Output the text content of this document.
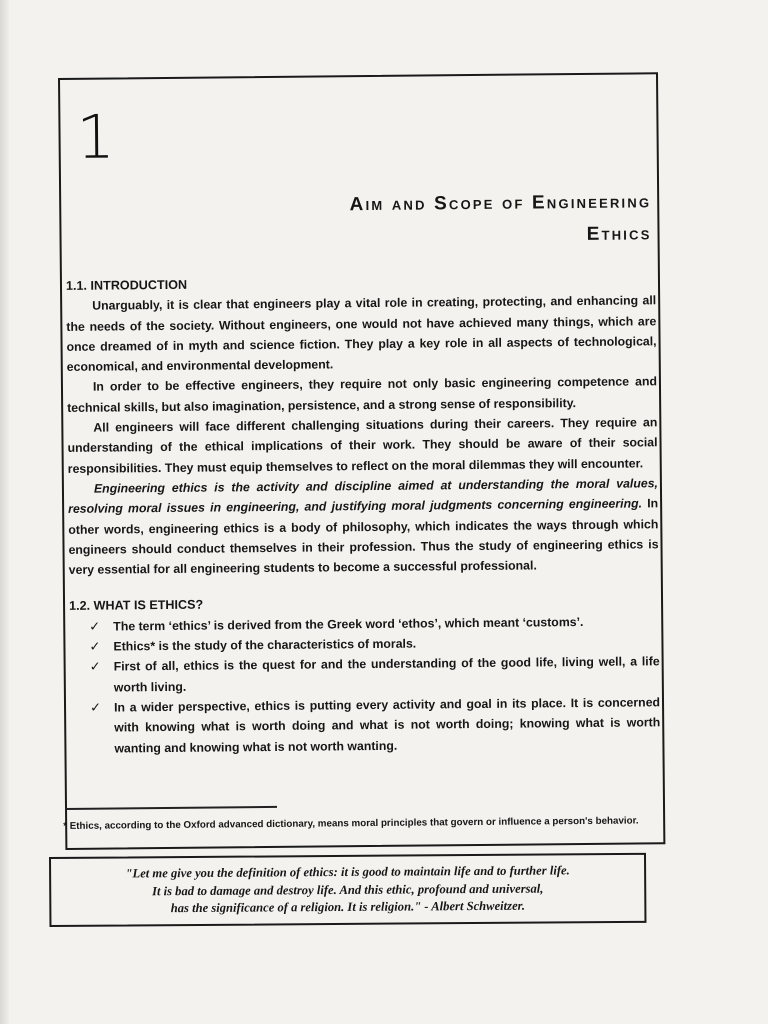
1
Aim and Scope of Engineering
Ethics

1.1. INTRODUCTION

Unarguably, it is clear that engineers play a vital role in creating, protecting, and enhancing all the needs of the society. Without engineers, one would not have achieved many things, which are once dreamed of in myth and science fiction. They play a key role in all aspects of technological, economical, and environmental development.

In order to be effective engineers, they require not only basic engineering competence and technical skills, but also imagination, persistence, and a strong sense of responsibility.

All engineers will face different challenging situations during their careers. They require an understanding of the ethical implications of their work. They should be aware of their social responsibilities. They must equip themselves to reflect on the moral dilemmas they will encounter.

Engineering ethics is the activity and discipline aimed at understanding the moral values, resolving moral issues in engineering, and justifying moral judgments concerning engineering. In other words, engineering ethics is a body of philosophy, which indicates the ways through which engineers should conduct themselves in their profession. Thus the study of engineering ethics is very essential for all engineering students to become a successful professional.

1.2. WHAT IS ETHICS?

✓ The term ‘ethics’ is derived from the Greek word ‘ethos’, which meant ‘customs’.
✓ Ethics* is the study of the characteristics of morals.
✓ First of all, ethics is the quest for and the understanding of the good life, living well, a life worth living.
✓ In a wider perspective, ethics is putting every activity and goal in its place. It is concerned with knowing what is worth doing and what is not worth doing; knowing what is worth wanting and knowing what is not worth wanting.

* Ethics, according to the Oxford advanced dictionary, means moral principles that govern or influence a person's behavior.

"Let me give you the definition of ethics: it is good to maintain life and to further life.
It is bad to damage and destroy life. And this ethic, profound and universal,
has the significance of a religion. It is religion." - Albert Schweitzer.
